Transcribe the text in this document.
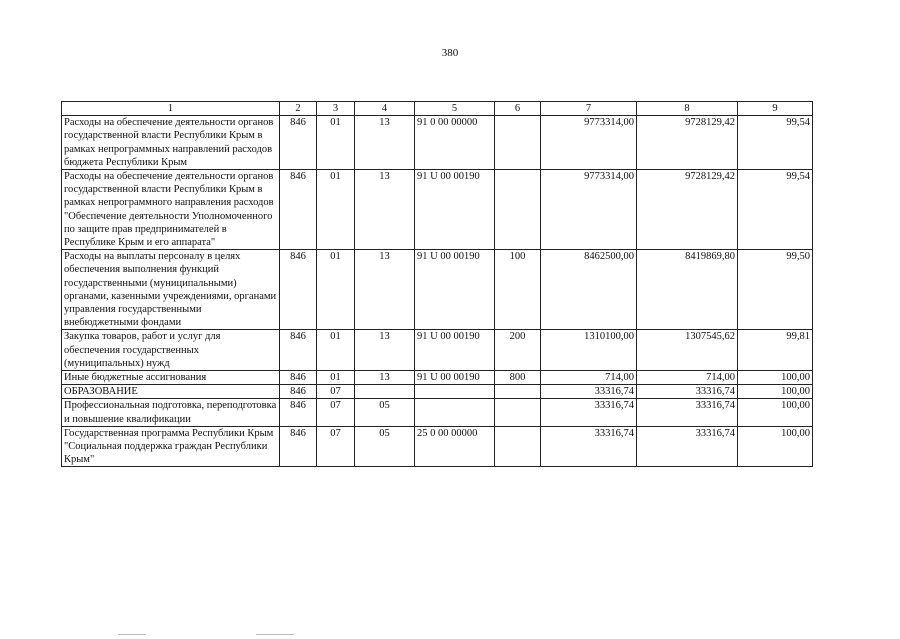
380
1	2	3	4	5	6	7	8	9
Расходы на обеспечение деятельности органов государственной власти Республики Крым в рамках непрограммных направлений расходов бюджета Республики Крым	846	01	13	91 0 00 00000		9773314,00	9728129,42	99,54
Расходы на обеспечение деятельности органов государственной власти Республики Крым в рамках непрограммного направления расходов "Обеспечение деятельности Уполномоченного по защите прав предпринимателей в Республике Крым и его аппарата"	846	01	13	91 U 00 00190		9773314,00	9728129,42	99,54
Расходы на выплаты персоналу в целях обеспечения выполнения функций государственными (муниципальными) органами, казенными учреждениями, органами управления государственными внебюджетными фондами	846	01	13	91 U 00 00190	100	8462500,00	8419869,80	99,50
Закупка товаров, работ и услуг для обеспечения государственных (муниципальных) нужд	846	01	13	91 U 00 00190	200	1310100,00	1307545,62	99,81
Иные бюджетные ассигнования	846	01	13	91 U 00 00190	800	714,00	714,00	100,00
ОБРАЗОВАНИЕ	846	07				33316,74	33316,74	100,00
Профессиональная подготовка, переподготовка и повышение квалификации	846	07	05			33316,74	33316,74	100,00
Государственная программа Республики Крым "Социальная поддержка граждан Республики Крым"	846	07	05	25 0 00 00000		33316,74	33316,74	100,00
